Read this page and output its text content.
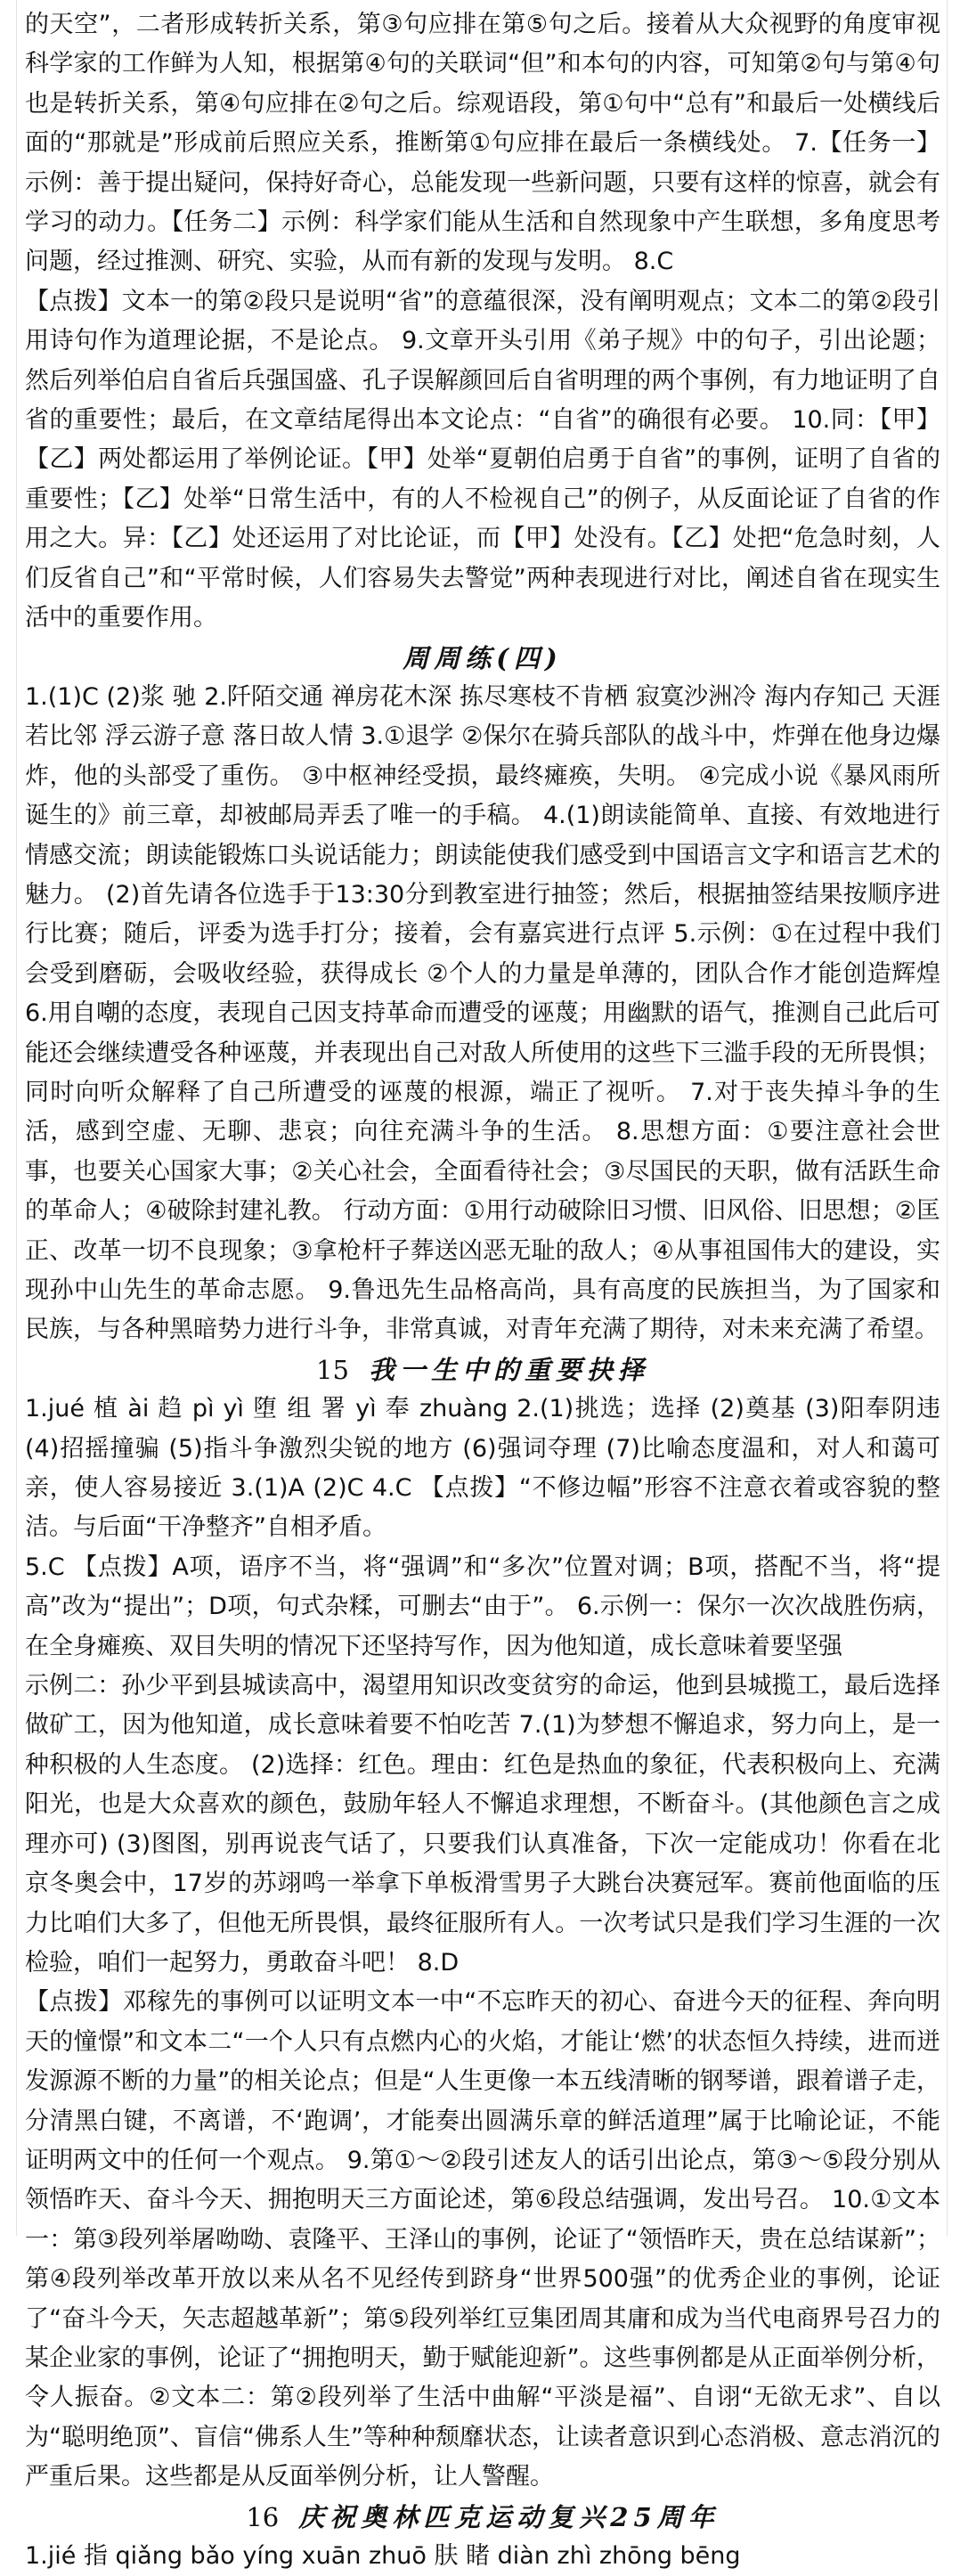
的天空”，二者形成转折关系，第③句应排在第⑤句之后。接着从大众视野的角度审视科学家的工作鲜为人知，根据第④句的关联词“但”和本句的内容，可知第②句与第④句也是转折关系，第④句应排在②句之后。综观语段，第①句中“总有”和最后一处横线后面的“那就是”形成前后照应关系，推断第①句应排在最后一条横线处。 7.【任务一】示例：善于提出疑问，保持好奇心，总能发现一些新问题，只要有这样的惊喜，就会有学习的动力。【任务二】示例：科学家们能从生活和自然现象中产生联想，多角度思考问题，经过推测、研究、实验，从而有新的发现与发明。 8.C

【点拨】文本一的第②段只是说明“省”的意蕴很深，没有阐明观点；文本二的第②段引用诗句作为道理论据，不是论点。 9.文章开头引用《弟子规》中的句子，引出论题；然后列举伯启自省后兵强国盛、孔子误解颜回后自省明理的两个事例，有力地证明了自省的重要性；最后，在文章结尾得出本文论点：“自省”的确很有必要。 10.同：【甲】【乙】两处都运用了举例论证。【甲】处举“夏朝伯启勇于自省”的事例，证明了自省的重要性；【乙】处举“日常生活中，有的人不检视自己”的例子，从反面论证了自省的作用之大。异：【乙】处还运用了对比论证，而【甲】处没有。【乙】处把“危急时刻，人们反省自己”和“平常时候，人们容易失去警觉”两种表现进行对比，阐述自省在现实生活中的重要作用。

周周练(四)

1.(1)C (2)浆 驰 2.阡陌交通 禅房花木深 拣尽寒枝不肯栖 寂寞沙洲冷 海内存知己 天涯若比邻 浮云游子意 落日故人情 3.①退学 ②保尔在骑兵部队的战斗中，炸弹在他身边爆炸，他的头部受了重伤。 ③中枢神经受损，最终瘫痪，失明。 ④完成小说《暴风雨所诞生的》前三章，却被邮局弄丢了唯一的手稿。 4.(1)朗读能简单、直接、有效地进行情感交流；朗读能锻炼口头说话能力；朗读能使我们感受到中国语言文字和语言艺术的魅力。 (2)首先请各位选手于13:30分到教室进行抽签；然后，根据抽签结果按顺序进行比赛；随后，评委为选手打分；接着，会有嘉宾进行点评 5.示例：①在过程中我们会受到磨砺，会吸收经验，获得成长 ②个人的力量是单薄的，团队合作才能创造辉煌 6.用自嘲的态度，表现自己因支持革命而遭受的诬蔑；用幽默的语气，推测自己此后可能还会继续遭受各种诬蔑，并表现出自己对敌人所使用的这些下三滥手段的无所畏惧；同时向听众解释了自己所遭受的诬蔑的根源，端正了视听。 7.对于丧失掉斗争的生活，感到空虚、无聊、悲哀；向往充满斗争的生活。 8.思想方面：①要注意社会世事，也要关心国家大事；②关心社会，全面看待社会；③尽国民的天职，做有活跃生命的革命人；④破除封建礼教。 行动方面：①用行动破除旧习惯、旧风俗、旧思想；②匡正、改革一切不良现象；③拿枪杆子葬送凶恶无耻的敌人；④从事祖国伟大的建设，实现孙中山先生的革命志愿。 9.鲁迅先生品格高尚，具有高度的民族担当，为了国家和民族，与各种黑暗势力进行斗争，非常真诚，对青年充满了期待，对未来充满了希望。

15 我一生中的重要抉择

1.jué 植 ài 趋 pì yì 堕 组 署 yì 奉 zhuàng 2.(1)挑选；选择 (2)奠基 (3)阳奉阴违 (4)招摇撞骗 (5)指斗争激烈尖锐的地方 (6)强词夺理 (7)比喻态度温和，对人和蔼可亲，使人容易接近 3.(1)A (2)C 4.C 【点拨】“不修边幅”形容不注意衣着或容貌的整洁。与后面“干净整齐”自相矛盾。

5.C 【点拨】A项，语序不当，将“强调”和“多次”位置对调；B项，搭配不当，将“提高”改为“提出”；D项，句式杂糅，可删去“由于”。 6.示例一：保尔一次次战胜伤病，在全身瘫痪、双目失明的情况下还坚持写作，因为他知道，成长意味着要坚强

示例二：孙少平到县城读高中，渴望用知识改变贫穷的命运，他到县城揽工，最后选择做矿工，因为他知道，成长意味着要不怕吃苦 7.(1)为梦想不懈追求，努力向上，是一种积极的人生态度。 (2)选择：红色。理由：红色是热血的象征，代表积极向上、充满阳光，也是大众喜欢的颜色，鼓励年轻人不懈追求理想，不断奋斗。(其他颜色言之成理亦可) (3)图图，别再说丧气话了，只要我们认真准备，下次一定能成功！你看在北京冬奥会中，17岁的苏翊鸣一举拿下单板滑雪男子大跳台决赛冠军。赛前他面临的压力比咱们大多了，但他无所畏惧，最终征服所有人。一次考试只是我们学习生涯的一次检验，咱们一起努力，勇敢奋斗吧！ 8.D

【点拨】邓稼先的事例可以证明文本一中“不忘昨天的初心、奋进今天的征程、奔向明天的憧憬”和文本二“一个人只有点燃内心的火焰，才能让‘燃’的状态恒久持续，进而迸发源源不断的力量”的相关论点；但是“人生更像一本五线清晰的钢琴谱，跟着谱子走，分清黑白键，不离谱，不‘跑调’，才能奏出圆满乐章的鲜活道理”属于比喻论证，不能证明两文中的任何一个观点。 9.第①～②段引述友人的话引出论点，第③～⑤段分别从领悟昨天、奋斗今天、拥抱明天三方面论述，第⑥段总结强调，发出号召。 10.①文本一：第③段列举屠呦呦、袁隆平、王泽山的事例，论证了“领悟昨天，贵在总结谋新”；第④段列举改革开放以来从名不见经传到跻身“世界500强”的优秀企业的事例，论证了“奋斗今天，矢志超越革新”；第⑤段列举红豆集团周其庸和成为当代电商界号召力的某企业家的事例，论证了“拥抱明天，勤于赋能迎新”。这些事例都是从正面举例分析，令人振奋。②文本二：第②段列举了生活中曲解“平淡是福”、自诩“无欲无求”、自以为“聪明绝顶”、盲信“佛系人生”等种种颓靡状态，让读者意识到心态消极、意志消沉的严重后果。这些都是从反面举例分析，让人警醒。

16 庆祝奥林匹克运动复兴25周年

1.jié 指 qiǎng bǎo yíng xuān zhuō 肤 睹 diàn zhì zhōng bēng
